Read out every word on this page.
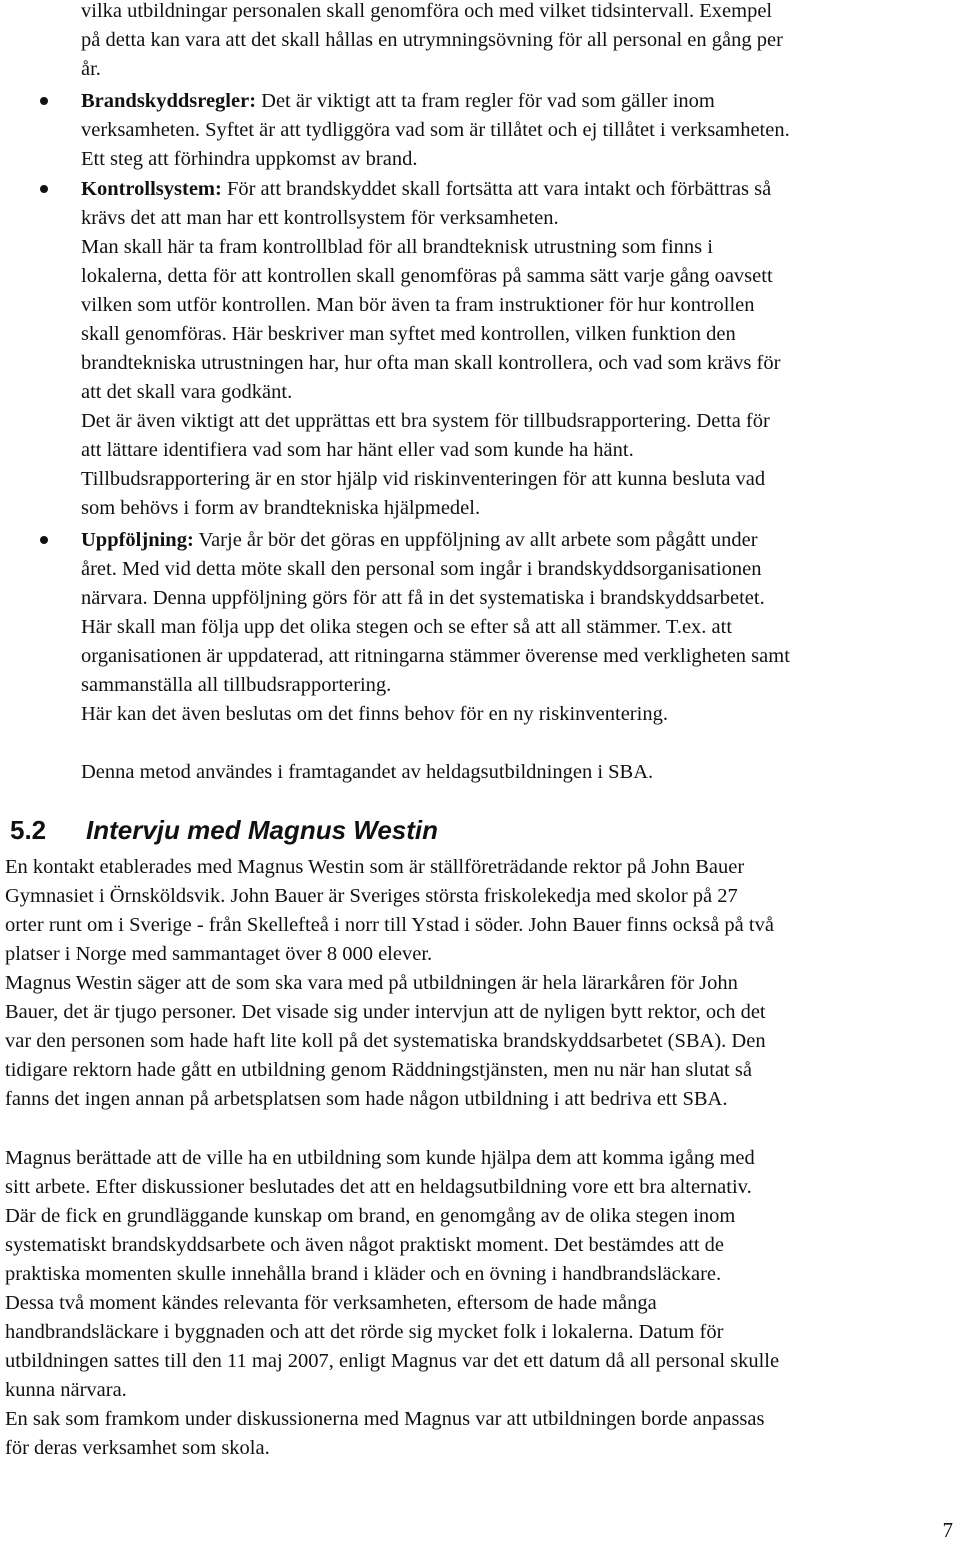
vilka utbildningar personalen skall genomföra och med vilket tidsintervall. Exempel
på detta kan vara att det skall hållas en utrymningsövning för all personal en gång per
år.
Brandskyddsregler: Det är viktigt att ta fram regler för vad som gäller inom
verksamheten. Syftet är att tydliggöra vad som är tillåtet och ej tillåtet i verksamheten.
Ett steg att förhindra uppkomst av brand.
Kontrollsystem: För att brandskyddet skall fortsätta att vara intakt och förbättras så
krävs det att man har ett kontrollsystem för verksamheten.
Man skall här ta fram kontrollblad för all brandteknisk utrustning som finns i
lokalerna, detta för att kontrollen skall genomföras på samma sätt varje gång oavsett
vilken som utför kontrollen. Man bör även ta fram instruktioner för hur kontrollen
skall genomföras. Här beskriver man syftet med kontrollen, vilken funktion den
brandtekniska utrustningen har, hur ofta man skall kontrollera, och vad som krävs för
att det skall vara godkänt.
Det är även viktigt att det upprättas ett bra system för tillbudsrapportering. Detta för
att lättare identifiera vad som har hänt eller vad som kunde ha hänt.
Tillbudsrapportering är en stor hjälp vid riskinventeringen för att kunna besluta vad
som behövs i form av brandtekniska hjälpmedel.
Uppföljning: Varje år bör det göras en uppföljning av allt arbete som pågått under
året. Med vid detta möte skall den personal som ingår i brandskyddsorganisationen
närvara. Denna uppföljning görs för att få in det systematiska i brandskyddsarbetet.
Här skall man följa upp det olika stegen och se efter så att all stämmer. T.ex. att
organisationen är uppdaterad, att ritningarna stämmer överense med verkligheten samt
sammanställa all tillbudsrapportering.
Här kan det även beslutas om det finns behov för en ny riskinventering.
Denna metod användes i framtagandet av heldagsutbildningen i SBA.
5.2 Intervju med Magnus Westin
En kontakt etablerades med Magnus Westin som är ställföreträdande rektor på John Bauer
Gymnasiet i Örnsköldsvik. John Bauer är Sveriges största friskolekedja med skolor på 27
orter runt om i Sverige - från Skellefteå i norr till Ystad i söder. John Bauer finns också på två
platser i Norge med sammantaget över 8 000 elever.
Magnus Westin säger att de som ska vara med på utbildningen är hela lärarkåren för John
Bauer, det är tjugo personer. Det visade sig under intervjun att de nyligen bytt rektor, och det
var den personen som hade haft lite koll på det systematiska brandskyddsarbetet (SBA). Den
tidigare rektorn hade gått en utbildning genom Räddningstjänsten, men nu när han slutat så
fanns det ingen annan på arbetsplatsen som hade någon utbildning i att bedriva ett SBA.
Magnus berättade att de ville ha en utbildning som kunde hjälpa dem att komma igång med
sitt arbete. Efter diskussioner beslutades det att en heldagsutbildning vore ett bra alternativ.
Där de fick en grundläggande kunskap om brand, en genomgång av de olika stegen inom
systematiskt brandskyddsarbete och även något praktiskt moment. Det bestämdes att de
praktiska momenten skulle innehålla brand i kläder och en övning i handbrandsläckare.
Dessa två moment kändes relevanta för verksamheten, eftersom de hade många
handbrandsläckare i byggnaden och att det rörde sig mycket folk i lokalerna. Datum för
utbildningen sattes till den 11 maj 2007, enligt Magnus var det ett datum då all personal skulle
kunna närvara.
En sak som framkom under diskussionerna med Magnus var att utbildningen borde anpassas
för deras verksamhet som skola.
7
